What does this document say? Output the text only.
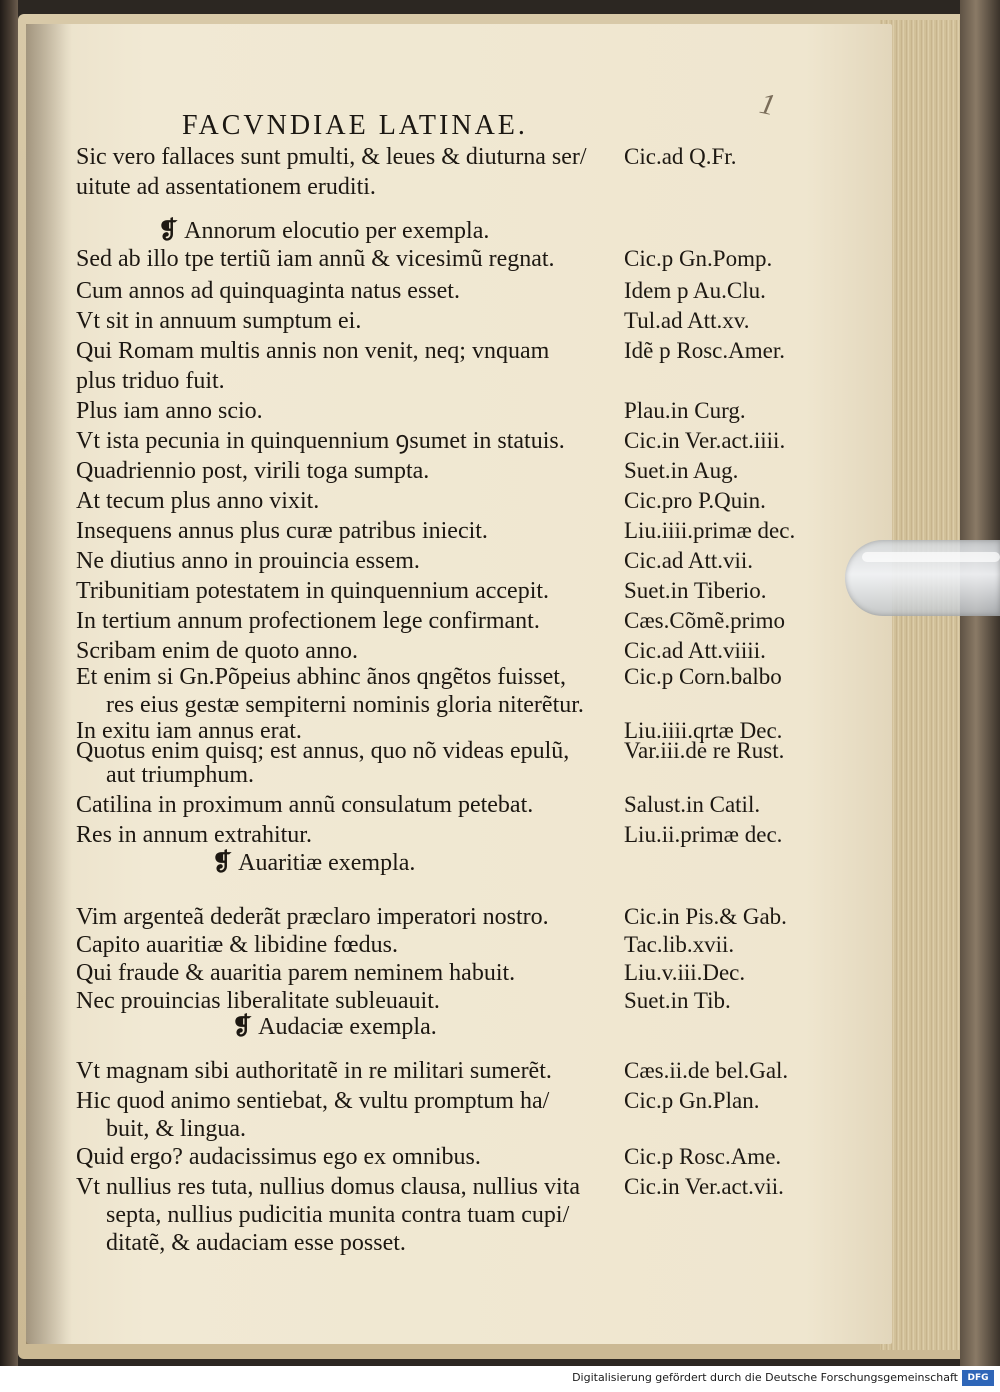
1
FACVNDIAE LATINAE.
Sic vero fallaces sunt pmulti, & leues & diuturna ser/ Cic.ad Q.Fr.
uitute ad assentationem eruditi.
❡ Annorum elocutio per exempla.
Sed ab illo tpe tertiũ iam annũ & vicesimũ regnat.	Cic.p Gn.Pomp.
Cum annos ad quinquaginta natus esset.	Idem p Au.Clu.
Vt sit in annuum sumptum ei.	Tul.ad Att.xv.
Qui Romam multis annis non venit, neq; vnquam	Idẽ p Rosc.Amer.
plus triduo fuit.
Plus iam anno scio.	Plau.in Curg.
Vt ista pecunia in quinquennium ꝯsumet in statuis.	Cic.in Ver.act.iiii.
Quadriennio post, virili toga sumpta.	Suet.in Aug.
At tecum plus anno vixit.	Cic.pro P.Quin.
Insequens annus plus curæ patribus iniecit.	Liu.iiii.primæ dec.
Ne diutius anno in prouincia essem.	Cic.ad Att.vii.
Tribunitiam potestatem in quinquennium accepit.	Suet.in Tiberio.
In tertium annum profectionem lege confirmant.	Cæs.Cõmẽ.primo
Scribam enim de quoto anno.	Cic.ad Att.viiii.
Et enim si Gn.Põpeius abhinc ãnos qngẽtos fuisset,	Cic.p Corn.balbo
res eius gestæ sempiterni nominis gloria niterẽtur.
In exitu iam annus erat.	Liu.iiii.qrtæ Dec.
Quotus enim quisq; est annus, quo nõ videas epulũ, Var.iii.de re Rust.
aut triumphum.
Catilina in proximum annũ consulatum petebat.	Salust.in Catil.
Res in annum extrahitur.	Liu.ii.primæ dec.
❡ Auaritiæ exempla.
Vim argenteã dederãt præclaro imperatori nostro.	Cic.in Pis.& Gab.
Capito auaritiæ & libidine fœdus.	Tac.lib.xvii.
Qui fraude & auaritia parem neminem habuit.	Liu.v.iii.Dec.
Nec prouincias liberalitate subleuauit.	Suet.in Tib.
❡ Audaciæ exempla.
Vt magnam sibi authoritatẽ in re militari sumerẽt.	Cæs.ii.de bel.Gal.
Hic quod animo sentiebat, & vultu promptum ha/	Cic.p Gn.Plan.
buit, & lingua.
Quid ergo? audacissimus ego ex omnibus.	Cic.p Rosc.Ame.
Vt nullius res tuta, nullius domus clausa, nullius vita Cic.in Ver.act.vii.
septa, nullius pudicitia munita contra tuam cupi/
ditatẽ, & audaciam esse posset.
Digitalisierung gefördert durch die Deutsche Forschungsgemeinschaft	DFG
